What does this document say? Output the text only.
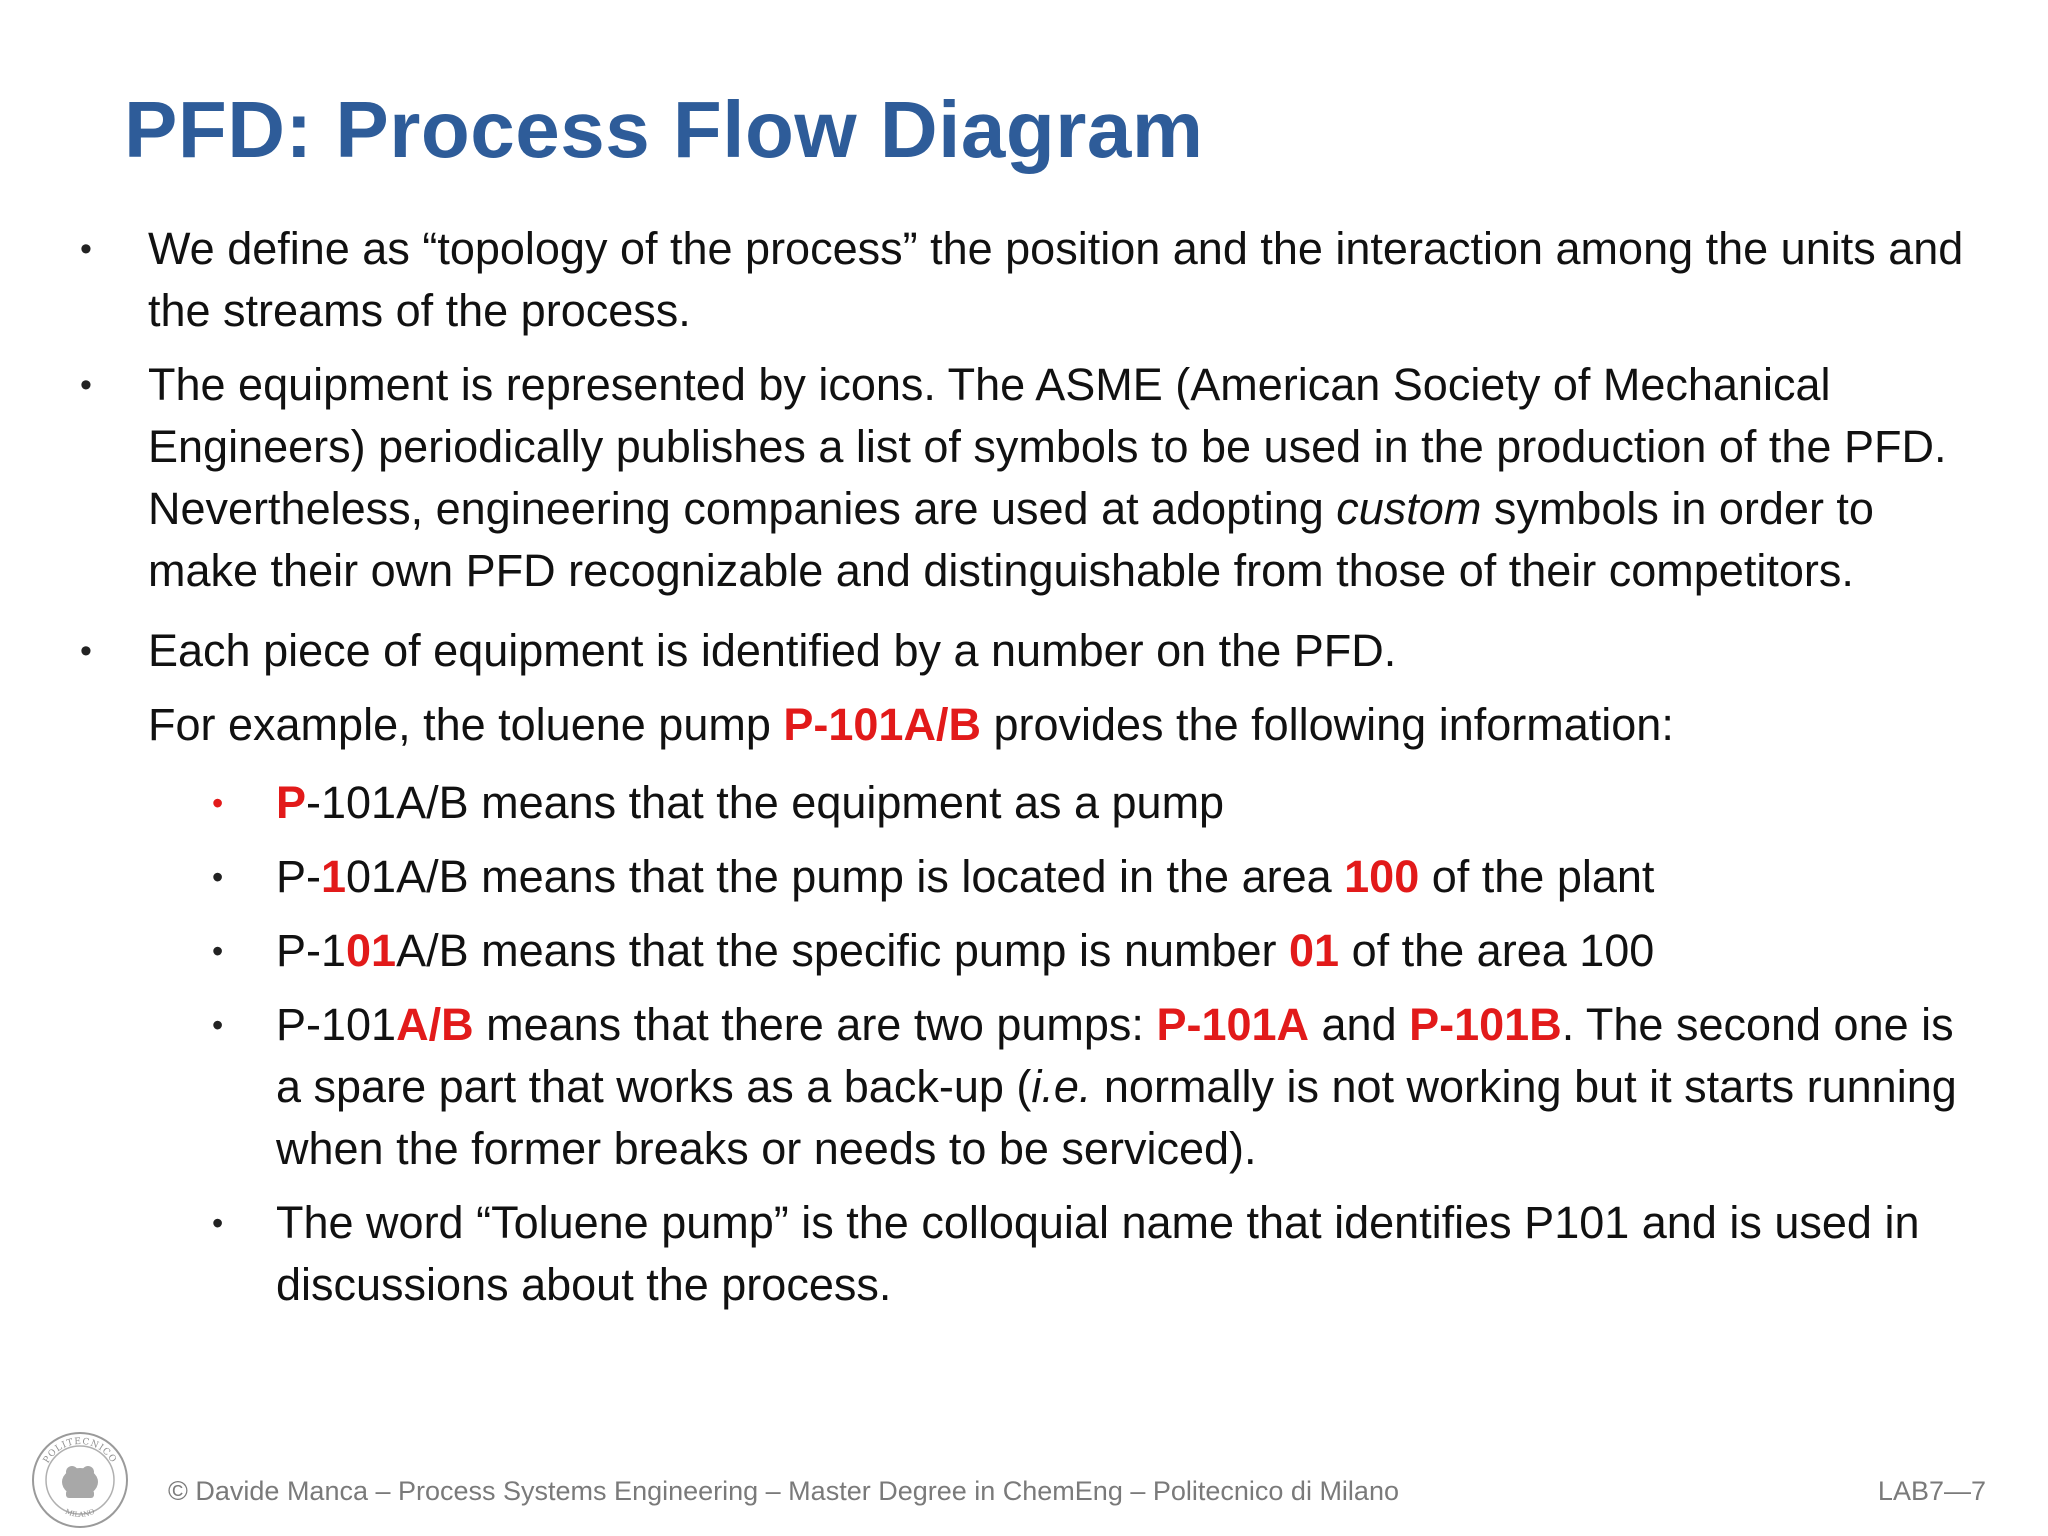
PFD: Process Flow Diagram

• We define as “topology of the process” the position and the interaction among the units and the streams of the process.

• The equipment is represented by icons. The ASME (American Society of Mechanical Engineers) periodically publishes a list of symbols to be used in the production of the PFD. Nevertheless, engineering companies are used at adopting custom symbols in order to make their own PFD recognizable and distinguishable from those of their competitors.

• Each piece of equipment is identified by a number on the PFD.

For example, the toluene pump P-101A/B provides the following information:

• P-101A/B means that the equipment as a pump

• P-101A/B means that the pump is located in the area 100 of the plant

• P-101A/B means that the specific pump is number 01 of the area 100

• P-101A/B means that there are two pumps: P-101A and P-101B. The second one is a spare part that works as a back-up (i.e. normally is not working but it starts running when the former breaks or needs to be serviced).

• The word “Toluene pump” is the colloquial name that identifies P101 and is used in discussions about the process.

POLITECNICO
MILANO
© Davide Manca – Process Systems Engineering – Master Degree in ChemEng – Politecnico di Milano	LAB7—7
